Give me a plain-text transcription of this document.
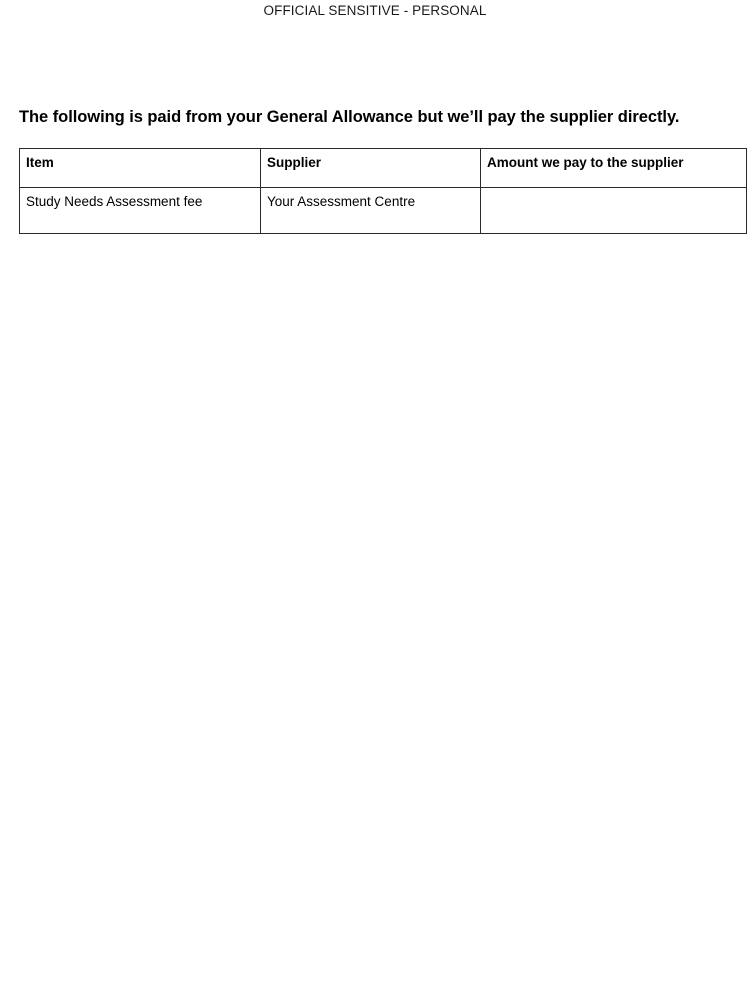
OFFICIAL SENSITIVE - PERSONAL

The following is paid from your General Allowance but we’ll pay the supplier directly.

Item	Supplier	Amount we pay to the supplier
Study Needs Assessment fee	Your Assessment Centre	
